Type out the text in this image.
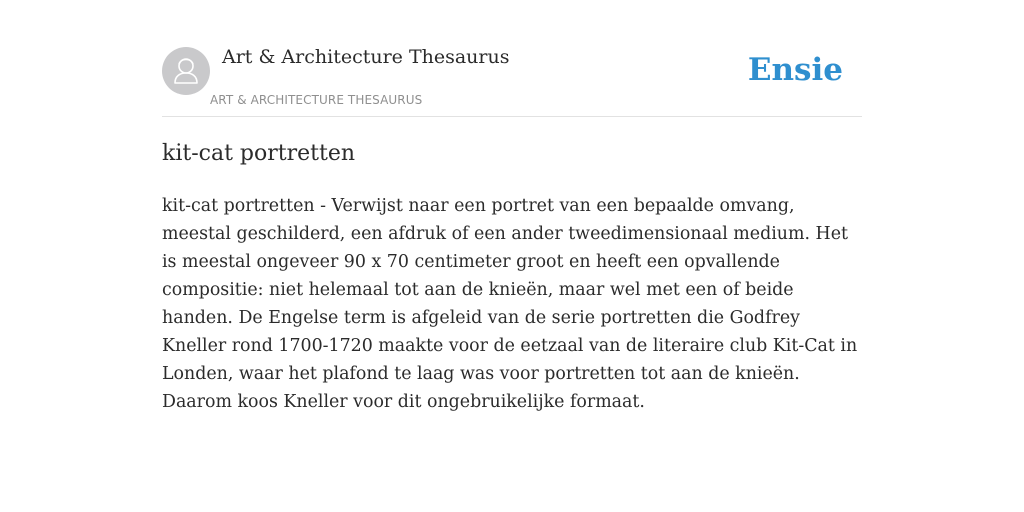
Art & Architecture Thesaurus

ART & ARCHITECTURE THESAURUS

Ensie
kit-cat portretten

kit-cat portretten - Verwijst naar een portret van een bepaalde omvang, meestal geschilderd, een afdruk of een ander tweedimensionaal medium. Het is meestal ongeveer 90 x 70 centimeter groot en heeft een opvallende compositie: niet helemaal tot aan de knieën, maar wel met een of beide handen. De Engelse term is afgeleid van de serie portretten die Godfrey Kneller rond 1700-1720 maakte voor de eetzaal van de literaire club Kit-Cat in Londen, waar het plafond te laag was voor portretten tot aan de knieën. Daarom koos Kneller voor dit ongebruikelijke formaat.
